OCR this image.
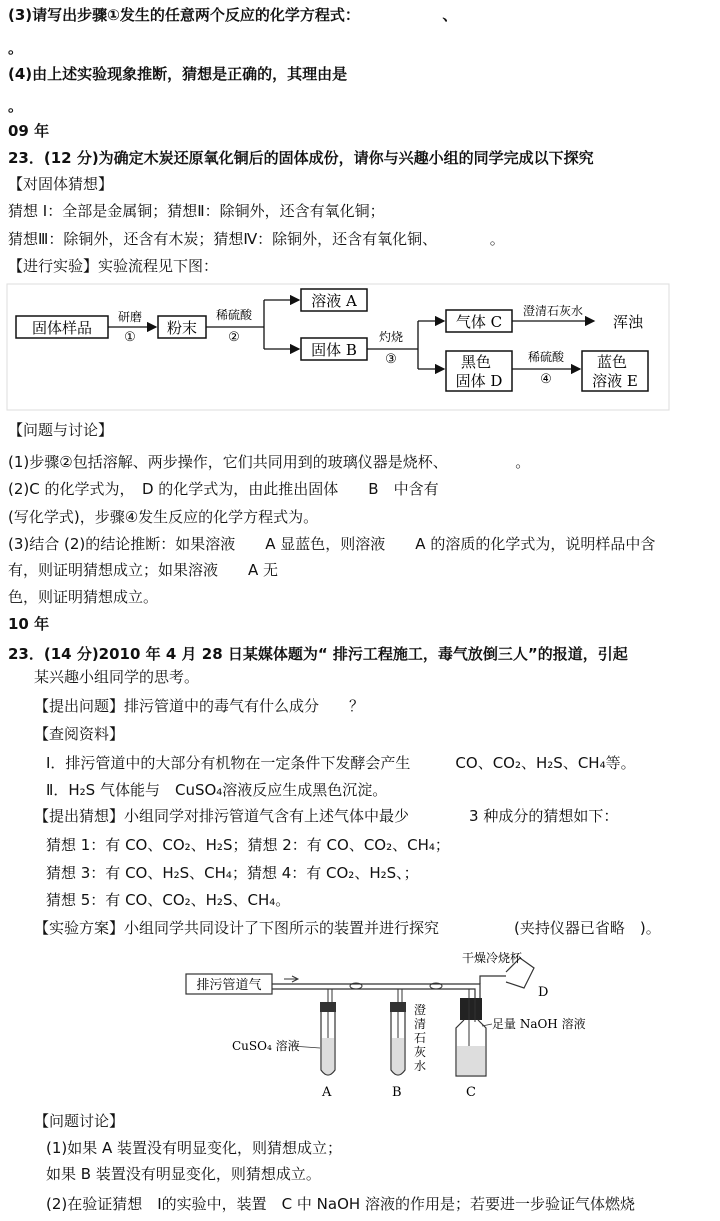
(3)请写出步骤①发生的任意两个反应的化学方程式：　　　　　　、
。
(4)由上述实验现象推断，猜想是正确的，其理由是
。
09 年
23．(12 分)为确定木炭还原氧化铜后的固体成份，请你与兴趣小组的同学完成以下探究
【对固体猜想】
猜想 Ⅰ：全部是金属铜；猜想Ⅱ：除铜外，还含有氧化铜；
猜想Ⅲ：除铜外，还含有木炭；猜想Ⅳ：除铜外，还含有氧化铜、　　　　。
【进行实验】实验流程见下图：
固体样品
研磨
①
粉末
稀硫酸
②
溶液 A
固体 B
灼烧
③
气体 C
澄清石灰水
浑浊
黑色
固体 D
稀硫酸
④
蓝色
溶液 E
【问题与讨论】
(1)步骤②包括溶解、两步操作，它们共同用到的玻璃仪器是烧杯、　　　　　。
(2)C 的化学式为，　D 的化学式为，由此推出固体　　B　中含有
(写化学式)，步骤④发生反应的化学方程式为。
(3)结合 (2)的结论推断：如果溶液　　A 显蓝色，则溶液　　A 的溶质的化学式为，说明样品中含
有，则证明猜想成立；如果溶液　　A 无
色，则证明猜想成立。
10 年
23．(14 分)2010 年 4 月 28 日某媒体题为“ 排污工程施工，毒气放倒三人”的报道，引起
某兴趣小组同学的思考。
【提出问题】排污管道中的毒气有什么成分　　？
【查阅资料】
Ⅰ．排污管道中的大部分有机物在一定条件下发酵会产生　　　CO、CO₂、H₂S、CH₄等。
Ⅱ．H₂S 气体能与　CuSO₄溶液反应生成黑色沉淀。
【提出猜想】小组同学对排污管道气含有上述气体中最少　　　　3 种成分的猜想如下：
猜想 1：有 CO、CO₂、H₂S；猜想 2：有 CO、CO₂、CH₄；
猜想 3：有 CO、H₂S、CH₄；猜想 4：有 CO₂、H₂S、；
猜想 5：有 CO、CO₂、H₂S、CH₄。
【实验方案】小组同学共同设计了下图所示的装置并进行探究　　　　　(夹持仪器已省略　)。
排污管道气
干燥冷烧杯
D
CuSO₄ 溶液
A
澄
清
石
灰
水
B
足量 NaOH 溶液
C
【问题讨论】
(1)如果 A 装置没有明显变化，则猜想成立；
如果 B 装置没有明显变化，则猜想成立。
(2)在验证猜想　Ⅰ的实验中，装置　C 中 NaOH 溶液的作用是；若要进一步验证气体燃烧
